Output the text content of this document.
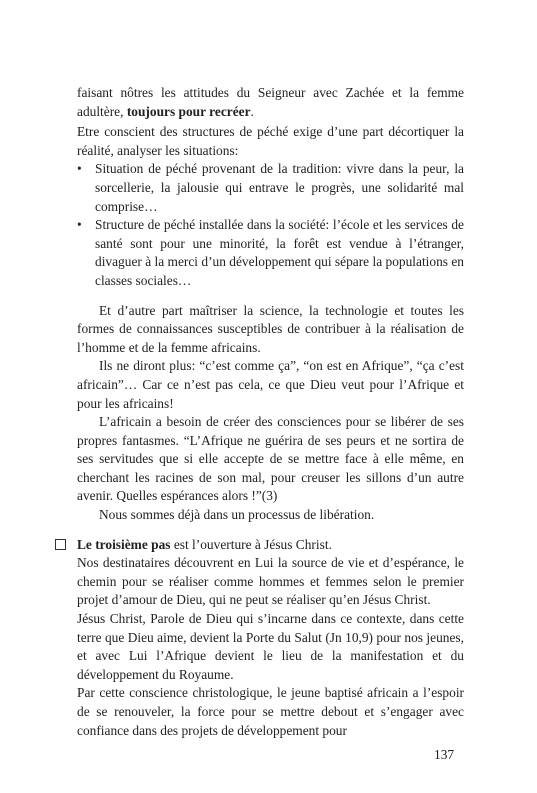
faisant nôtres les attitudes du Seigneur avec Zachée et la femme adultère, toujours pour recréer.

Etre conscient des structures de péché exige d’une part décortiquer la réalité, analyser les situations:

• Situation de péché provenant de la tradition: vivre dans la peur, la sorcellerie, la jalousie qui entrave le progrès, une solidarité mal comprise…
• Structure de péché installée dans la société: l’école et les services de santé sont pour une minorité, la forêt est vendue à l’étranger, divaguer à la merci d’un développement qui sépare la populations en classes sociales…

Et d’autre part maîtriser la science, la technologie et toutes les formes de connaissances susceptibles de contribuer à la réalisation de l’homme et de la femme africains.

Ils ne diront plus: “c’est comme ça”, “on est en Afrique”, “ça c’est africain”… Car ce n’est pas cela, ce que Dieu veut pour l’Afrique et pour les africains!

L’africain a besoin de créer des consciences pour se libérer de ses propres fantasmes. “L’Afrique ne guérira de ses peurs et ne sortira de ses servitudes que si elle accepte de se mettre face à elle même, en cherchant les racines de son mal, pour creuser les sillons d’un autre avenir. Quelles espérances alors !”(3)

Nous sommes déjà dans un processus de libération.

Le troisième pas est l’ouverture à Jésus Christ.

Nos destinataires découvrent en Lui la source de vie et d’espérance, le chemin pour se réaliser comme hommes et femmes selon le premier projet d’amour de Dieu, qui ne peut se réaliser qu’en Jésus Christ.

Jésus Christ, Parole de Dieu qui s’incarne dans ce contexte, dans cette terre que Dieu aime, devient la Porte du Salut (Jn 10,9) pour nos jeunes, et avec Lui l’Afrique devient le lieu de la manifestation et du développement du Royaume.

Par cette conscience christologique, le jeune baptisé africain a l’espoir de se renouveler, la force pour se mettre debout et s’engager avec confiance dans des projets de développement pour

137
